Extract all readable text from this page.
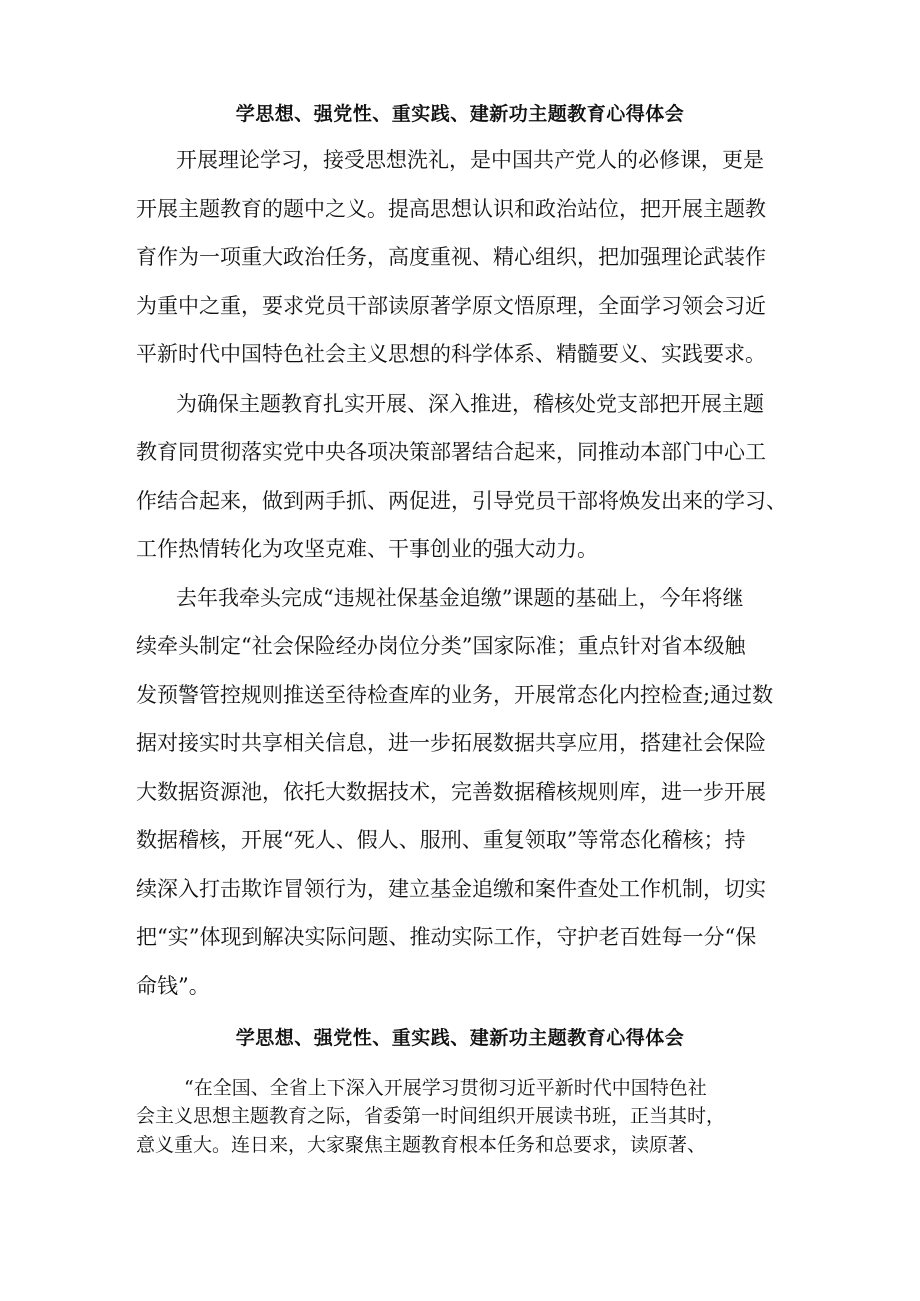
学思想、强党性、重实践、建新功主题教育心得体会
开展理论学习，接受思想洗礼，是中国共产党人的必修课，更是
开展主题教育的题中之义。提高思想认识和政治站位，把开展主题教
育作为一项重大政治任务，高度重视、精心组织，把加强理论武装作
为重中之重，要求党员干部读原著学原文悟原理，全面学习领会习近
平新时代中国特色社会主义思想的科学体系、精髓要义、实践要求。
为确保主题教育扎实开展、深入推进，稽核处党支部把开展主题
教育同贯彻落实党中央各项决策部署结合起来，同推动本部门中心工
作结合起来，做到两手抓、两促进，引导党员干部将焕发出来的学习、
工作热情转化为攻坚克难、干事创业的强大动力。
去年我牵头完成“违规社保基金追缴”课题的基础上，今年将继
续牵头制定“社会保险经办岗位分类”国家际准；重点针对省本级触
发预警管控规则推送至待检查库的业务，开展常态化内控检查;通过数
据对接实时共享相关信息，进一步拓展数据共享应用，搭建社会保险
大数据资源池，依托大数据技术，完善数据稽核规则库，进一步开展
数据稽核，开展“死人、假人、服刑、重复领取”等常态化稽核；持
续深入打击欺诈冒领行为，建立基金追缴和案件查处工作机制，切实
把“实”体现到解决实际问题、推动实际工作，守护老百姓每一分“保
命钱”。
学思想、强党性、重实践、建新功主题教育心得体会
“在全国、全省上下深入开展学习贯彻习近平新时代中国特色社
会主义思想主题教育之际，省委第一时间组织开展读书班，正当其时，
意义重大。连日来，大家聚焦主题教育根本任务和总要求，读原著、
